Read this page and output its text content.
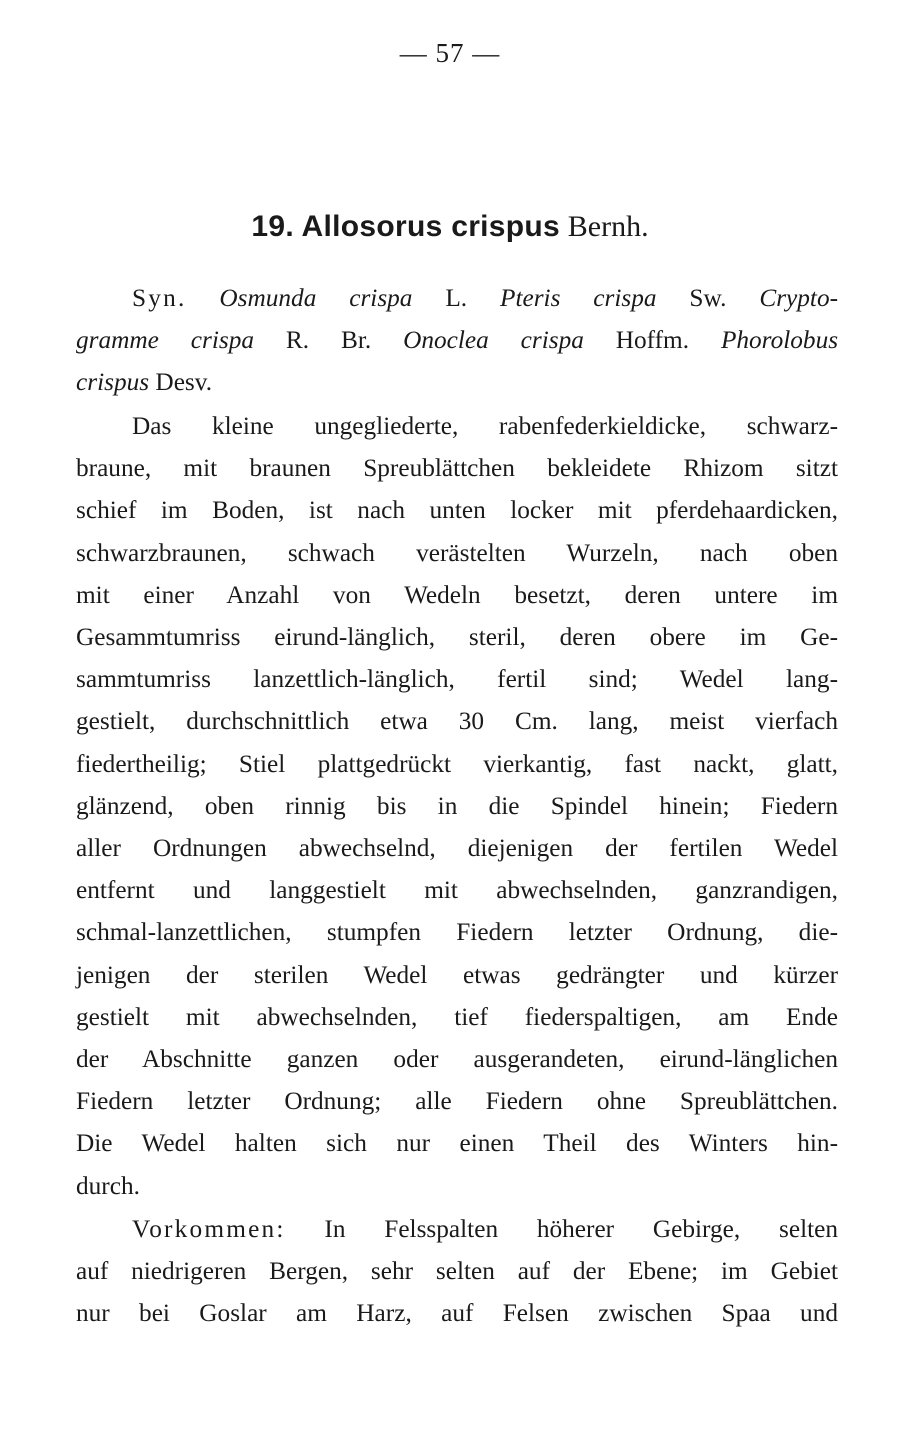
— 57 —
19. Allosorus crispus Bernh.
Syn. Osmunda crispa L. Pteris crispa Sw. Crypto-
gramme crispa R. Br. Onoclea crispa Hoffm. Phorolobus
crispus Desv.
Das kleine ungegliederte, rabenfederkieldicke, schwarz-
braune, mit braunen Spreublättchen bekleidete Rhizom sitzt
schief im Boden, ist nach unten locker mit pferdehaardicken,
schwarzbraunen, schwach verästelten Wurzeln, nach oben
mit einer Anzahl von Wedeln besetzt, deren untere im
Gesammtumriss eirund-länglich, steril, deren obere im Ge-
sammtumriss lanzettlich-länglich, fertil sind; Wedel lang-
gestielt, durchschnittlich etwa 30 Cm. lang, meist vierfach
fiedertheilig; Stiel plattgedrückt vierkantig, fast nackt, glatt,
glänzend, oben rinnig bis in die Spindel hinein; Fiedern
aller Ordnungen abwechselnd, diejenigen der fertilen Wedel
entfernt und langgestielt mit abwechselnden, ganzrandigen,
schmal-lanzettlichen, stumpfen Fiedern letzter Ordnung, die-
jenigen der sterilen Wedel etwas gedrängter und kürzer
gestielt mit abwechselnden, tief fiederspaltigen, am Ende
der Abschnitte ganzen oder ausgerandeten, eirund-länglichen
Fiedern letzter Ordnung; alle Fiedern ohne Spreublättchen.
Die Wedel halten sich nur einen Theil des Winters hin-
durch.
Vorkommen: In Felsspalten höherer Gebirge, selten
auf niedrigeren Bergen, sehr selten auf der Ebene; im Gebiet
nur bei Goslar am Harz, auf Felsen zwischen Spaa und
